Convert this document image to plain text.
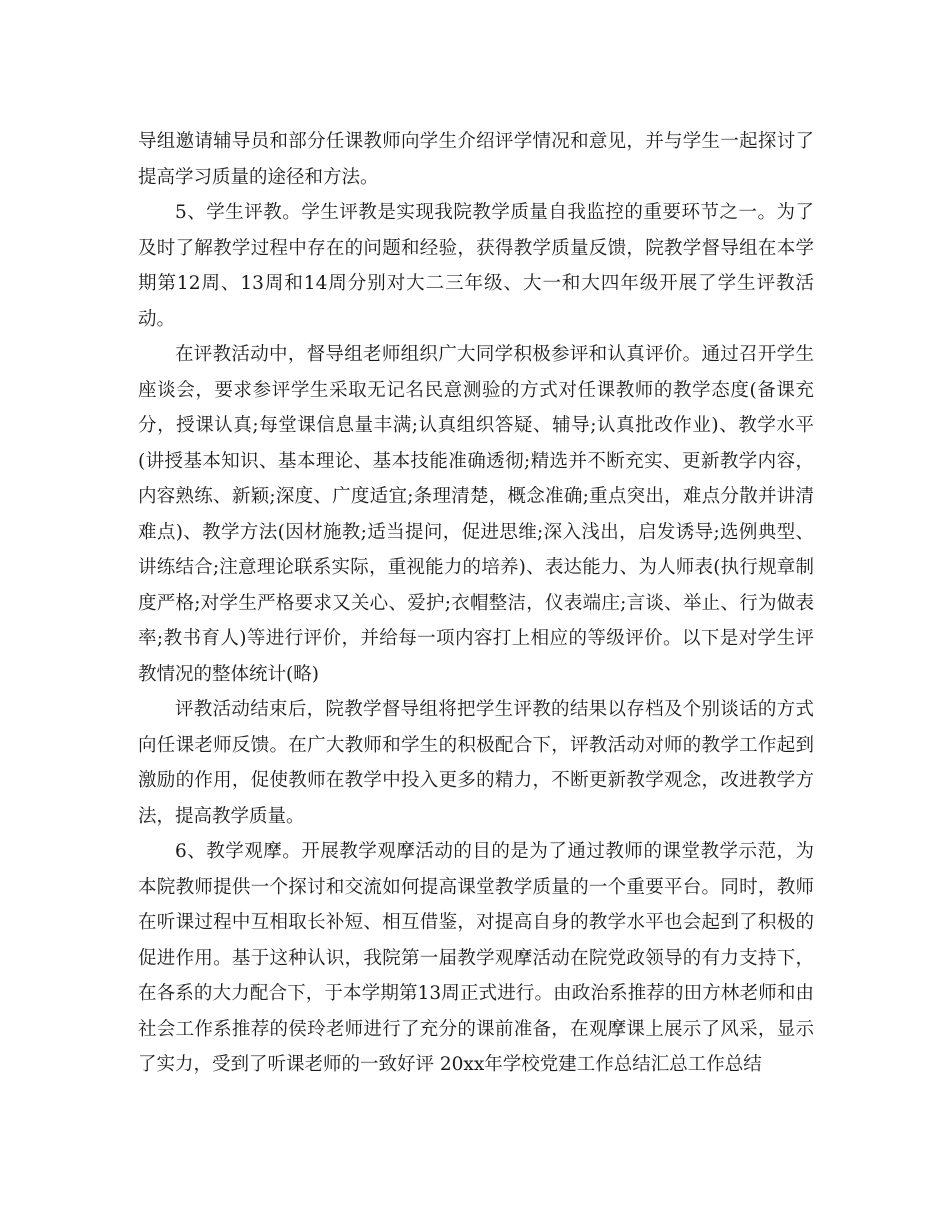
导组邀请辅导员和部分任课教师向学生介绍评学情况和意见，并与学生一起探讨了提高学习质量的途径和方法。

5、学生评教。学生评教是实现我院教学质量自我监控的重要环节之一。为了及时了解教学过程中存在的问题和经验，获得教学质量反馈，院教学督导组在本学期第12周、13周和14周分别对大二三年级、大一和大四年级开展了学生评教活动。

在评教活动中，督导组老师组织广大同学积极参评和认真评价。通过召开学生座谈会，要求参评学生采取无记名民意测验的方式对任课教师的教学态度(备课充分，授课认真;每堂课信息量丰满;认真组织答疑、辅导;认真批改作业)、教学水平(讲授基本知识、基本理论、基本技能准确透彻;精选并不断充实、更新教学内容，内容熟练、新颖;深度、广度适宜;条理清楚，概念准确;重点突出，难点分散并讲清难点)、教学方法(因材施教;适当提问，促进思维;深入浅出，启发诱导;选例典型、讲练结合;注意理论联系实际，重视能力的培养)、表达能力、为人师表(执行规章制度严格;对学生严格要求又关心、爱护;衣帽整洁，仪表端庄;言谈、举止、行为做表率;教书育人)等进行评价，并给每一项内容打上相应的等级评价。以下是对学生评教情况的整体统计(略)

评教活动结束后，院教学督导组将把学生评教的结果以存档及个别谈话的方式向任课老师反馈。在广大教师和学生的积极配合下，评教活动对师的教学工作起到激励的作用，促使教师在教学中投入更多的精力，不断更新教学观念，改进教学方法，提高教学质量。

6、教学观摩。开展教学观摩活动的目的是为了通过教师的课堂教学示范，为本院教师提供一个探讨和交流如何提高课堂教学质量的一个重要平台。同时，教师在听课过程中互相取长补短、相互借鉴，对提高自身的教学水平也会起到了积极的促进作用。基于这种认识，我院第一届教学观摩活动在院党政领导的有力支持下，在各系的大力配合下，于本学期第13周正式进行。由政治系推荐的田方林老师和由社会工作系推荐的侯玲老师进行了充分的课前准备，在观摩课上展示了风采，显示了实力，受到了听课老师的一致好评 20xx年学校党建工作总结汇总工作总结
